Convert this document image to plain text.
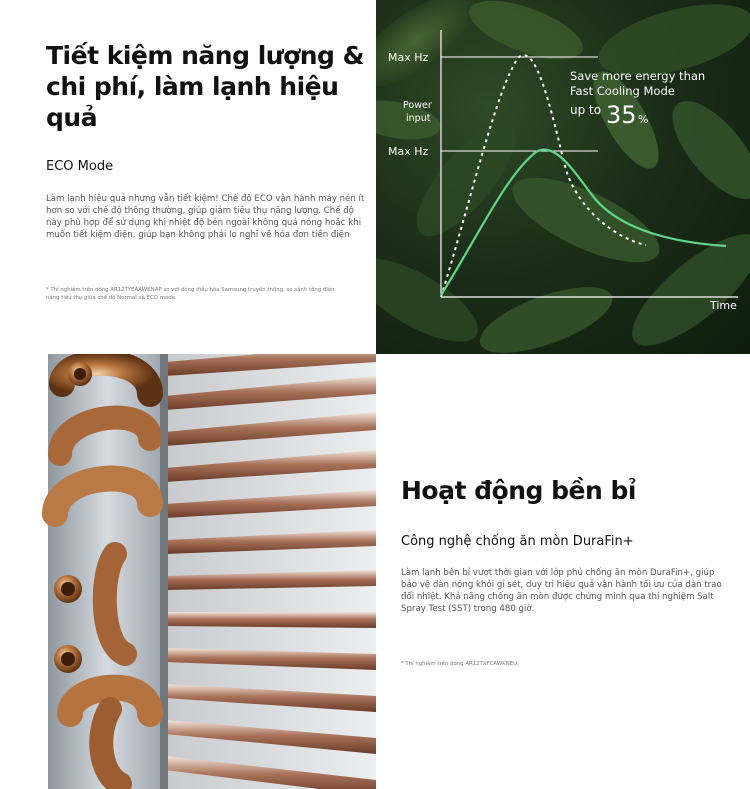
Tiết kiệm năng lượng &
chi phí, làm lạnh hiệu
quả
ECO Mode
Làm lạnh hiệu quả nhưng vẫn tiết kiệm! Chế độ ECO vận hành máy nén ít
hơn so với chế độ thông thường, giúp giảm tiêu thụ năng lượng. Chế độ
này phù hợp để sử dụng khi nhiệt độ bên ngoài không quá nóng hoặc khi
muốn tiết kiệm điện, giúp bạn không phải lo nghĩ về hóa đơn tiền điện
* Thí nghiệm trên dòng AR12TYEAAWKNAP so với dòng điều hòa Samsung truyền thống, so sánh tổng điện
năng tiêu thụ giữa chế độ Normal và ECO mode.
Max Hz
Power
input
Max Hz
Time
Save more energy than
Fast Cooling Mode
up to 35 %
Hoạt động bền bỉ
Công nghệ chống ăn mòn DuraFin+
Làm lạnh bền bỉ vượt thời gian với lớp phủ chống ăn mòn DuraFin+, giúp
bảo vệ dàn nóng khỏi gỉ sét, duy trì hiệu quả vận hành tối ưu của dàn trao
đổi nhiệt. Khả năng chống ăn mòn được chứng minh qua thí nghiệm Salt
Spray Test (SST) trong 480 giờ.
* Thí nghiệm trên dòng AR12TXFCAWKNEU.
